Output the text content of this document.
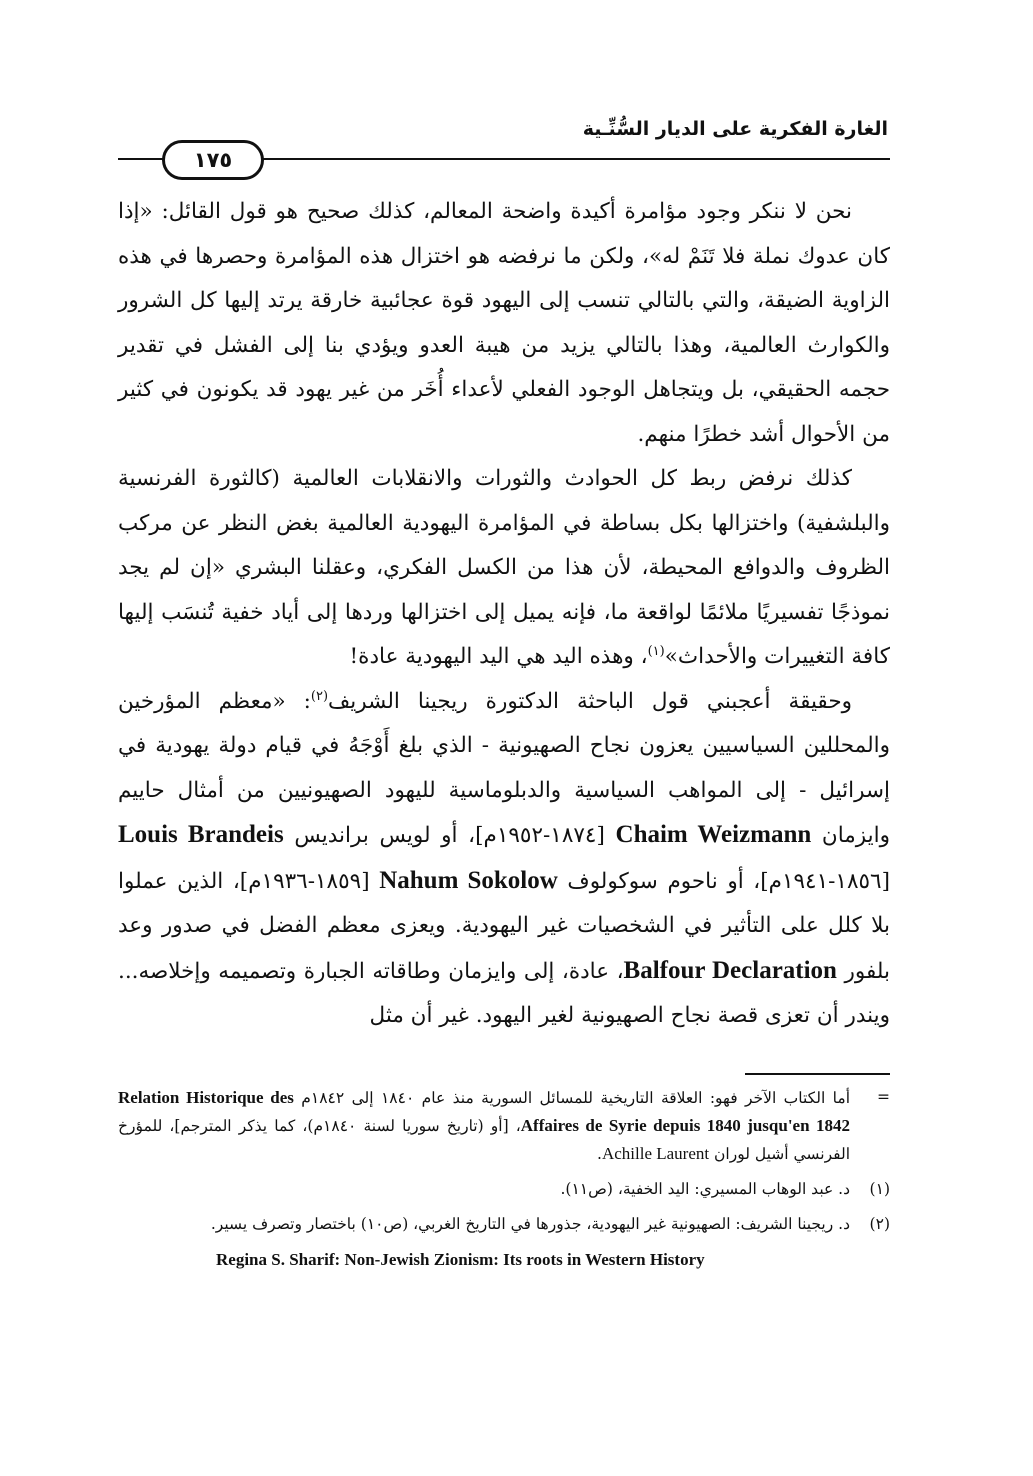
الغارة الفكرية على الديار السُّنِّـية
١٧٥

نحن لا ننكر وجود مؤامرة أكيدة واضحة المعالم، كذلك صحيح هو قول القائل: «إذا كان عدوك نملة فلا تَنَمْ له»، ولكن ما نرفضه هو اختزال هذه المؤامرة وحصرها في هذه الزاوية الضيقة، والتي بالتالي تنسب إلى اليهود قوة عجائبية خارقة يرتد إليها كل الشرور والكوارث العالمية، وهذا بالتالي يزيد من هيبة العدو ويؤدي بنا إلى الفشل في تقدير حجمه الحقيقي، بل ويتجاهل الوجود الفعلي لأعداء أُخَر من غير يهود قد يكونون في كثير من الأحوال أشد خطرًا منهم.

كذلك نرفض ربط كل الحوادث والثورات والانقلابات العالمية (كالثورة الفرنسية والبلشفية) واختزالها بكل بساطة في المؤامرة اليهودية العالمية بغض النظر عن مركب الظروف والدوافع المحيطة، لأن هذا من الكسل الفكري، وعقلنا البشري «إن لم يجد نموذجًا تفسيريًا ملائمًا لواقعة ما، فإنه يميل إلى اختزالها وردها إلى أياد خفية تُنسَب إليها كافة التغييرات والأحداث»$^{(١)}$، وهذه اليد هي اليد اليهودية عادة!

وحقيقة أعجبني قول الباحثة الدكتورة ريجينا الشريف$^{(٢)}$: «معظم المؤرخين والمحللين السياسيين يعزون نجاح الصهيونية - الذي بلغ أَوْجَهُ في قيام دولة يهودية في إسرائيل - إلى المواهب السياسية والدبلوماسية لليهود الصهيونيين من أمثال حاييم وايزمان Chaim Weizmann [١٨٧٤-١٩٥٢م]، أو لويس برانديس Louis Brandeis [١٨٥٦-١٩٤١م]، أو ناحوم سوكولوف Nahum Sokolow [١٨٥٩-١٩٣٦م]، الذين عملوا بلا كلل على التأثير في الشخصيات غير اليهودية. ويعزى معظم الفضل في صدور وعد بلفور Balfour Declaration، عادة، إلى وايزمان وطاقاته الجبارة وتصميمه وإخلاصه... ويندر أن تعزى قصة نجاح الصهيونية لغير اليهود. غير أن مثل

=
أما الكتاب الآخر فهو: العلاقة التاريخية للمسائل السورية منذ عام ١٨٤٠ إلى ١٨٤٢م Relation Historique des Affaires de Syrie depuis 1840 jusqu'en 1842، [أو (تاريخ سوريا لسنة ١٨٤٠م)، كما يذكر المترجم]، للمؤرخ الفرنسي أشيل لوران Achille Laurent.
(١)
د. عبد الوهاب المسيري: اليد الخفية، (ص١١).
(٢)
د. ريجينا الشريف: الصهيونية غير اليهودية، جذورها في التاريخ الغربي، (ص١٠) باختصار وتصرف يسير.
Regina S. Sharif: Non-Jewish Zionism: Its roots in Western History
